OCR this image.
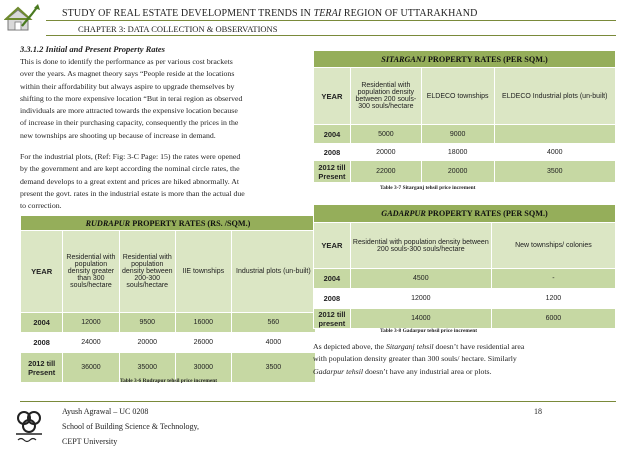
STUDY OF REAL ESTATE DEVELOPMENT TRENDS IN TERAI REGION OF UTTARAKHAND
CHAPTER 3: DATA COLLECTION & OBSERVATIONS
3.3.1.2 Initial and Present Property Rates
This is done to identify the performance as per various cost brackets
over the years. As magnet theory says “People reside at the locations
within their affordability but always aspire to upgrade themselves by
shifting to the more expensive location “But in terai region as observed
individuals are more attracted towards the expensive location because
of increase in their purchasing capacity, consequently the prices in the
new townships are shooting up because of increase in demand.
For the industrial plots, (Ref: Fig: 3-C Page: 15) the rates were opened
by the government and are kept according the nominal circle rates, the
demand develops to a great extent and prices are hiked abnormally. At
present the govt. rates in the industrial estate is more than the actual due
to correction.
RUDRAPUR PROPERTY RATES (RS. /SQM.)				
YEAR	Residential with population density greater than 300 souls/hectare	Residential with population density between 200-300 souls/hectare	IIE townships	Industrial plots (un-built)
2004	12000	9500	16000	560
2008	24000	20000	26000	4000
2012 till Present	36000	35000	30000	3500
Table 3-6 Rudrapur tehsil price increment
SITARGANJ PROPERTY RATES (PER SQM.)			
YEAR	Residential with population density between 200 souls-300 souls/hectare	ELDECO townships	ELDECO Industrial plots (un-built)
2004	5000	9000	
2008	20000	18000	4000
2012 till Present	22000	20000	3500
Table 3-7 Sitarganj tehsil price increment
GADARPUR PROPERTY RATES (PER SQM.)		
YEAR	Residential with population density between 200 souls-300 souls/hectare	New townships/ colonies
2004	4500	-
2008	12000	1200
2012 till present	14000	6000
Table 3-8 Gadarpur tehsil price increment
As depicted above, the Sitarganj tehsil doesn’t have residential area
with population density greater than 300 souls/ hectare. Similarly
Gadarpur tehsil doesn’t have any industrial area or plots.
Ayush Agrawal – UC 0208
School of Building Science & Technology,
CEPT University
18
